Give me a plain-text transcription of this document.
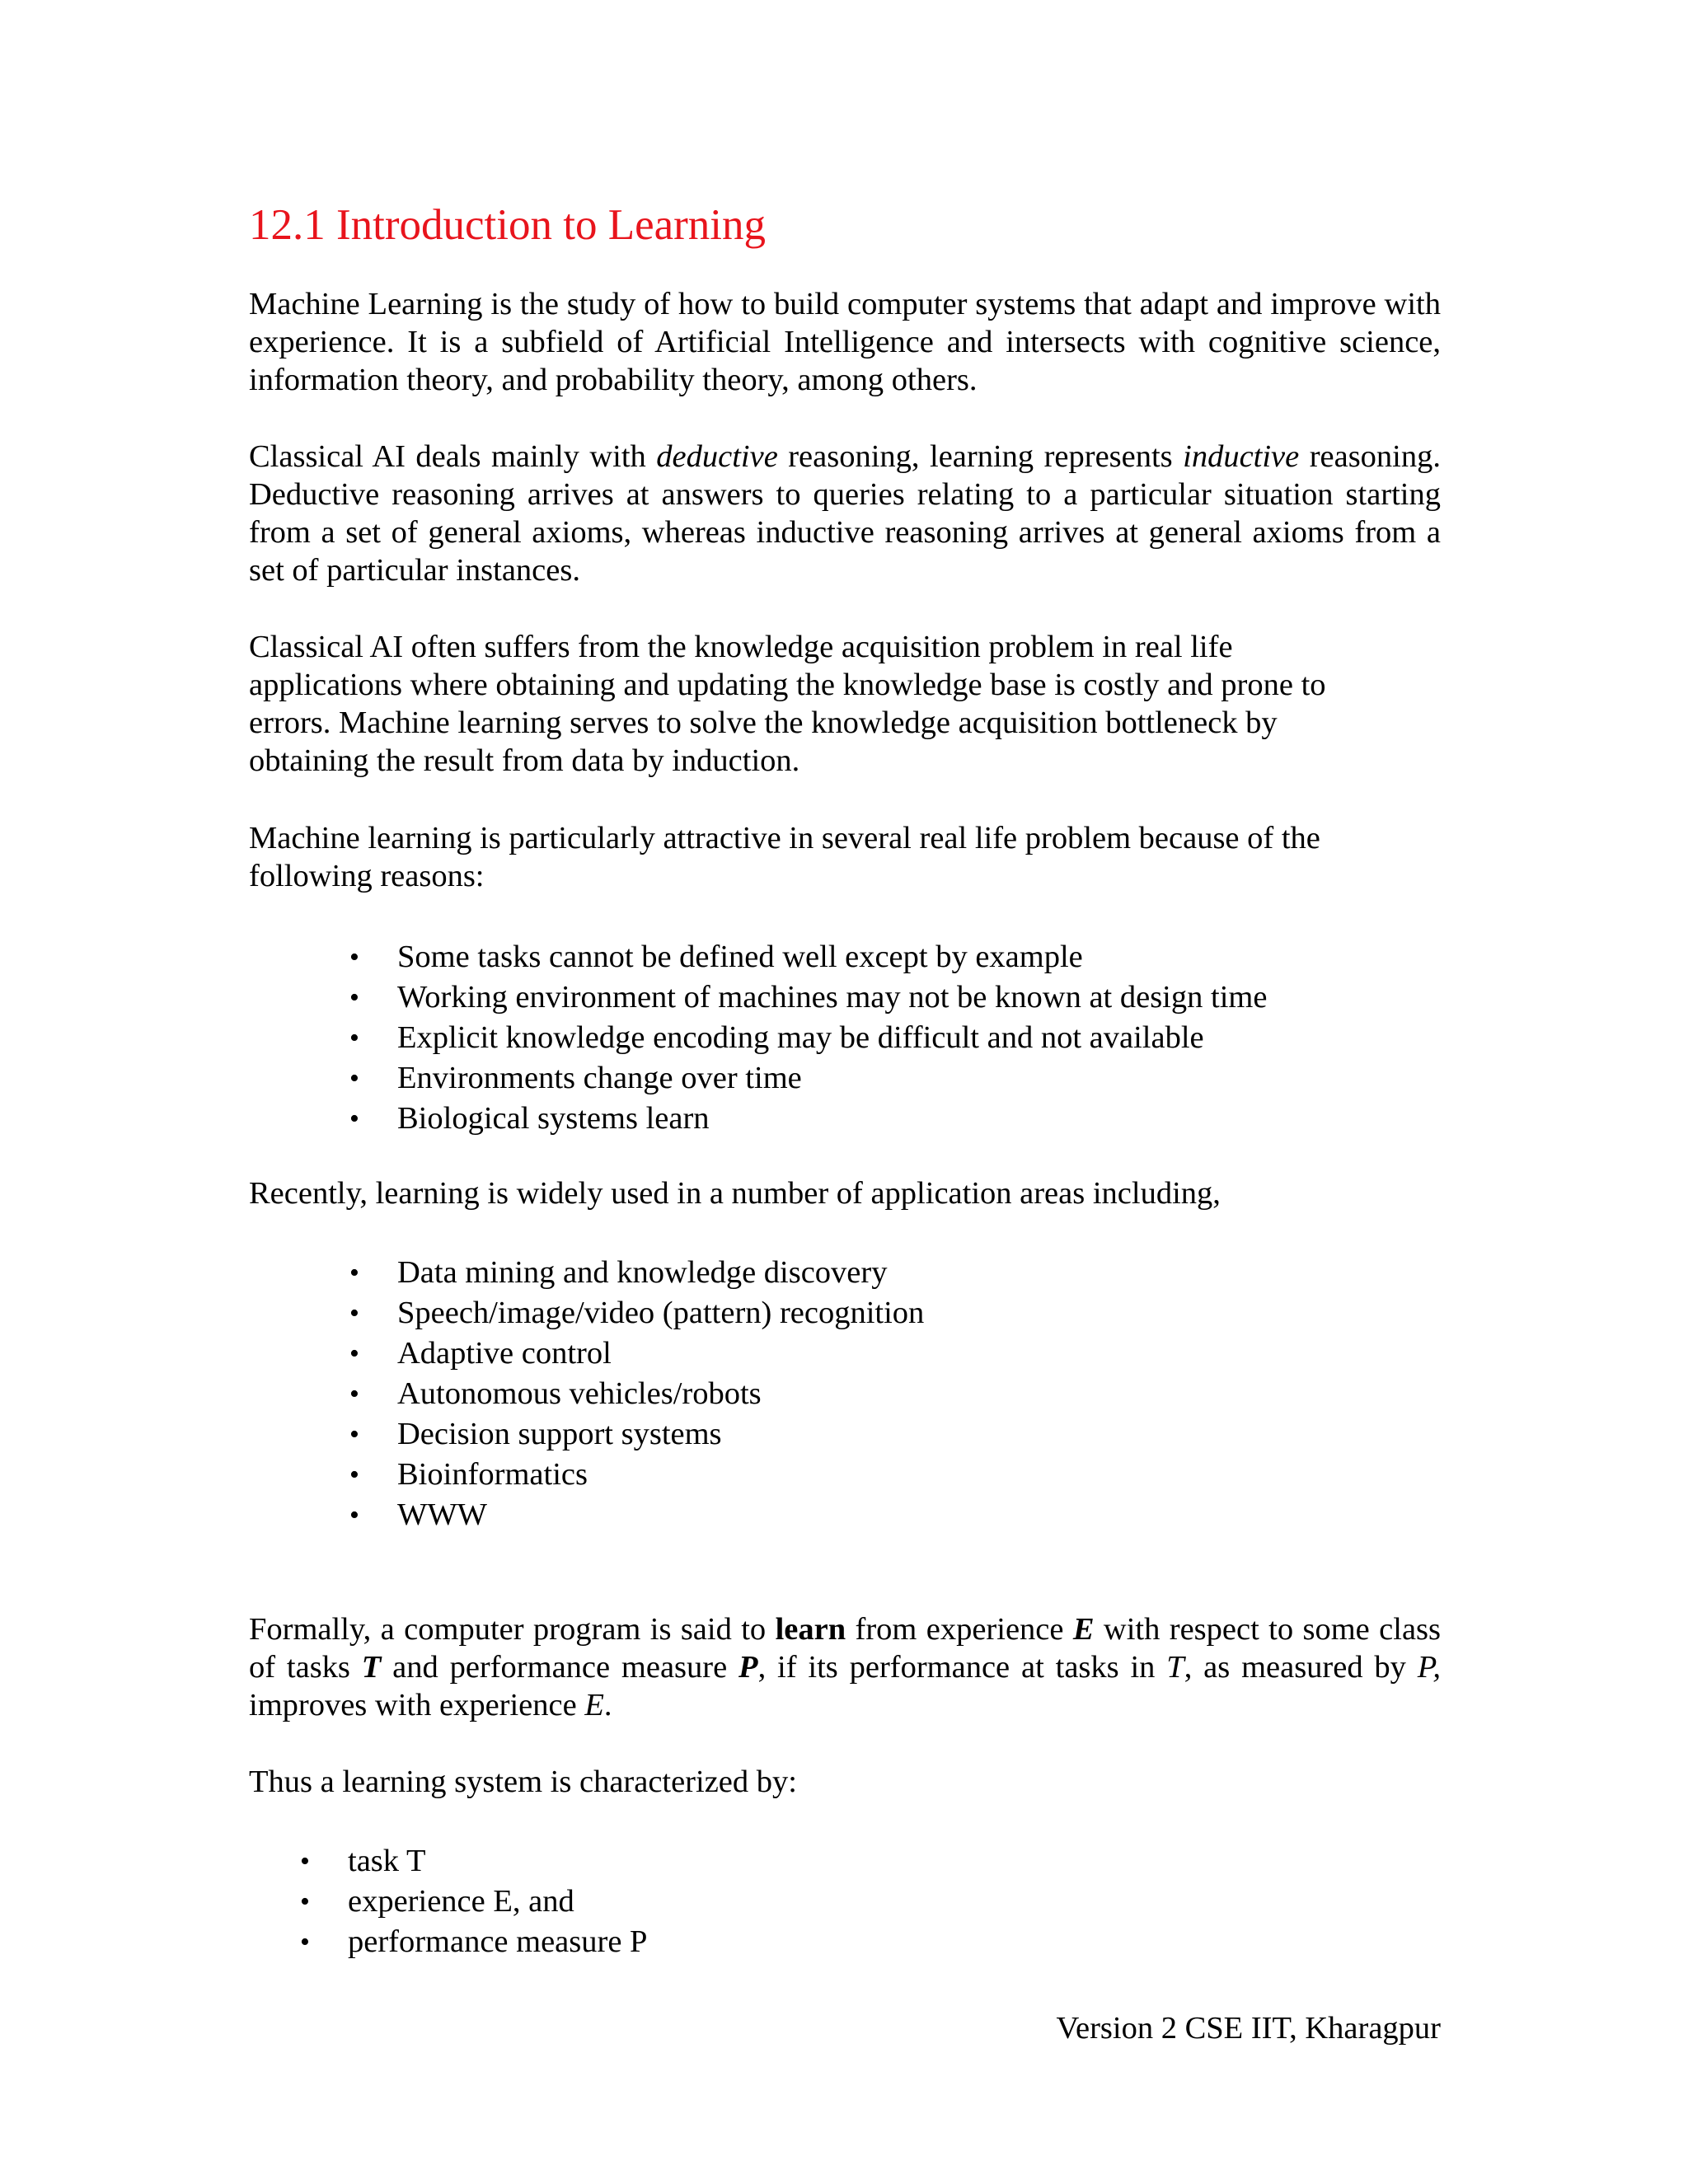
12.1 Introduction to Learning

Machine Learning is the study of how to build computer systems that adapt and improve with experience. It is a subfield of Artificial Intelligence and intersects with cognitive science, information theory, and probability theory, among others.

Classical AI deals mainly with deductive reasoning, learning represents inductive reasoning. Deductive reasoning arrives at answers to queries relating to a particular situation starting from a set of general axioms, whereas inductive reasoning arrives at general axioms from a set of particular instances.

Classical AI often suffers from the knowledge acquisition problem in real life
applications where obtaining and updating the knowledge base is costly and prone to
errors. Machine learning serves to solve the knowledge acquisition bottleneck by
obtaining the result from data by induction.

Machine learning is particularly attractive in several real life problem because of the
following reasons:

• Some tasks cannot be defined well except by example
• Working environment of machines may not be known at design time
• Explicit knowledge encoding may be difficult and not available
• Environments change over time
• Biological systems learn

Recently, learning is widely used in a number of application areas including,

• Data mining and knowledge discovery
• Speech/image/video (pattern) recognition
• Adaptive control
• Autonomous vehicles/robots
• Decision support systems
• Bioinformatics
• WWW

Formally, a computer program is said to learn from experience E with respect to some class of tasks T and performance measure P, if its performance at tasks in T, as measured by P, improves with experience E.

Thus a learning system is characterized by:

• task T
• experience E, and
• performance measure P
Version 2 CSE IIT, Kharagpur
